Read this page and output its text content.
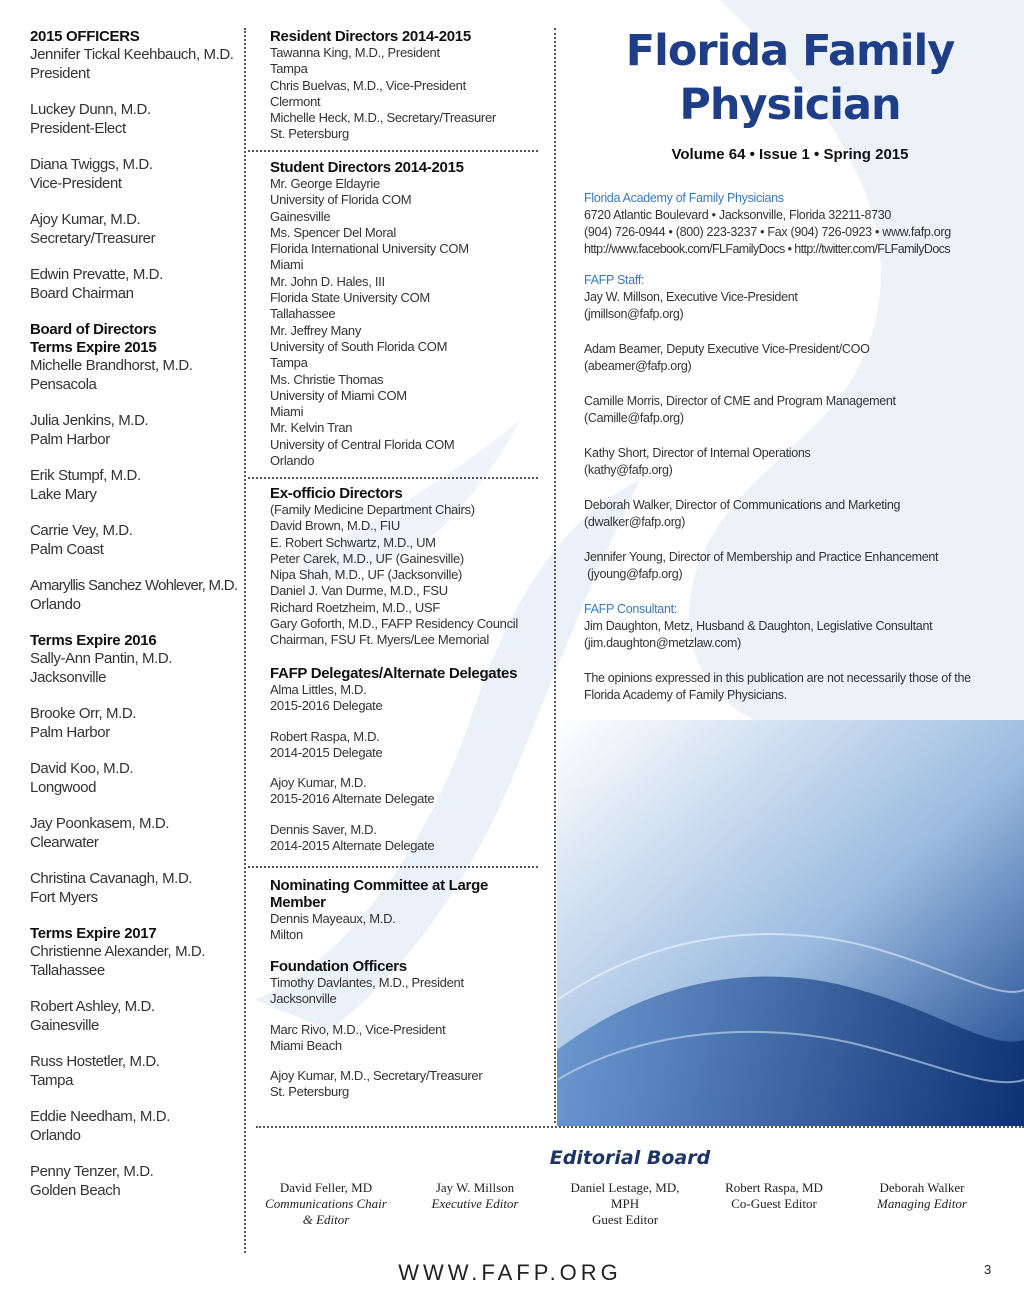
2015 OFFICERS
Jennifer Tickal Keehbauch, M.D.
President
Luckey Dunn, M.D.
President-Elect
Diana Twiggs, M.D.
Vice-President
Ajoy Kumar, M.D.
Secretary/Treasurer
Edwin Prevatte, M.D.
Board Chairman
Board of Directors
Terms Expire 2015
Michelle Brandhorst, M.D.
Pensacola
Julia Jenkins, M.D.
Palm Harbor
Erik Stumpf, M.D.
Lake Mary
Carrie Vey, M.D.
Palm Coast
Amaryllis Sanchez Wohlever, M.D.
Orlando
Terms Expire 2016
Sally-Ann Pantin, M.D.
Jacksonville
Brooke Orr, M.D.
Palm Harbor
David Koo, M.D.
Longwood
Jay Poonkasem, M.D.
Clearwater
Christina Cavanagh, M.D.
Fort Myers
Terms Expire 2017
Christienne Alexander, M.D.
Tallahassee
Robert Ashley, M.D.
Gainesville
Russ Hostetler, M.D.
Tampa
Eddie Needham, M.D.
Orlando
Penny Tenzer, M.D.
Golden Beach
Resident Directors 2014-2015
Tawanna King, M.D., President
Tampa
Chris Buelvas, M.D., Vice-President
Clermont
Michelle Heck, M.D., Secretary/Treasurer
St. Petersburg
Student Directors 2014-2015
Mr. George Eldayrie
University of Florida COM
Gainesville
Ms. Spencer Del Moral
Florida International University COM
Miami
Mr. John D. Hales, III
Florida State University COM
Tallahassee
Mr. Jeffrey Many
University of South Florida COM
Tampa
Ms. Christie Thomas
University of Miami COM
Miami
Mr. Kelvin Tran
University of Central Florida COM
Orlando
Ex-officio Directors
(Family Medicine Department Chairs)
David Brown, M.D., FIU
E. Robert Schwartz, M.D., UM
Peter Carek, M.D., UF (Gainesville)
Nipa Shah, M.D., UF (Jacksonville)
Daniel J. Van Durme, M.D., FSU
Richard Roetzheim, M.D., USF
Gary Goforth, M.D., FAFP Residency Council
Chairman, FSU Ft. Myers/Lee Memorial
FAFP Delegates/Alternate Delegates
Alma Littles, M.D.
2015-2016 Delegate
Robert Raspa, M.D.
2014-2015 Delegate
Ajoy Kumar, M.D.
2015-2016 Alternate Delegate
Dennis Saver, M.D.
2014-2015 Alternate Delegate
Nominating Committee at Large
Member
Dennis Mayeaux, M.D.
Milton
Foundation Officers
Timothy Davlantes, M.D., President
Jacksonville
Marc Rivo, M.D., Vice-President
Miami Beach
Ajoy Kumar, M.D., Secretary/Treasurer
St. Petersburg
Florida Family
Physician
Volume 64 • Issue 1 • Spring 2015
Florida Academy of Family Physicians
6720 Atlantic Boulevard • Jacksonville, Florida 32211-8730
(904) 726-0944 • (800) 223-3237 • Fax (904) 726-0923 • www.fafp.org
http://www.facebook.com/FLFamilyDocs • http://twitter.com/FLFamilyDocs
FAFP Staff:
Jay W. Millson, Executive Vice-President
(jmillson@fafp.org)
Adam Beamer, Deputy Executive Vice-President/COO
(abeamer@fafp.org)
Camille Morris, Director of CME and Program Management
(Camille@fafp.org)
Kathy Short, Director of Internal Operations
(kathy@fafp.org)
Deborah Walker, Director of Communications and Marketing
(dwalker@fafp.org)
Jennifer Young, Director of Membership and Practice Enhancement
(jyoung@fafp.org)
FAFP Consultant:
Jim Daughton, Metz, Husband & Daughton, Legislative Consultant
(jim.daughton@metzlaw.com)
The opinions expressed in this publication are not necessarily those of the
Florida Academy of Family Physicians.
Editorial Board
David Feller, MD
Communications Chair
& Editor
Jay W. Millson
Executive Editor
Daniel Lestage, MD,
MPH
Guest Editor
Robert Raspa, MD
Co-Guest Editor
Deborah Walker
Managing Editor
WWW.FAFP.ORG	3
